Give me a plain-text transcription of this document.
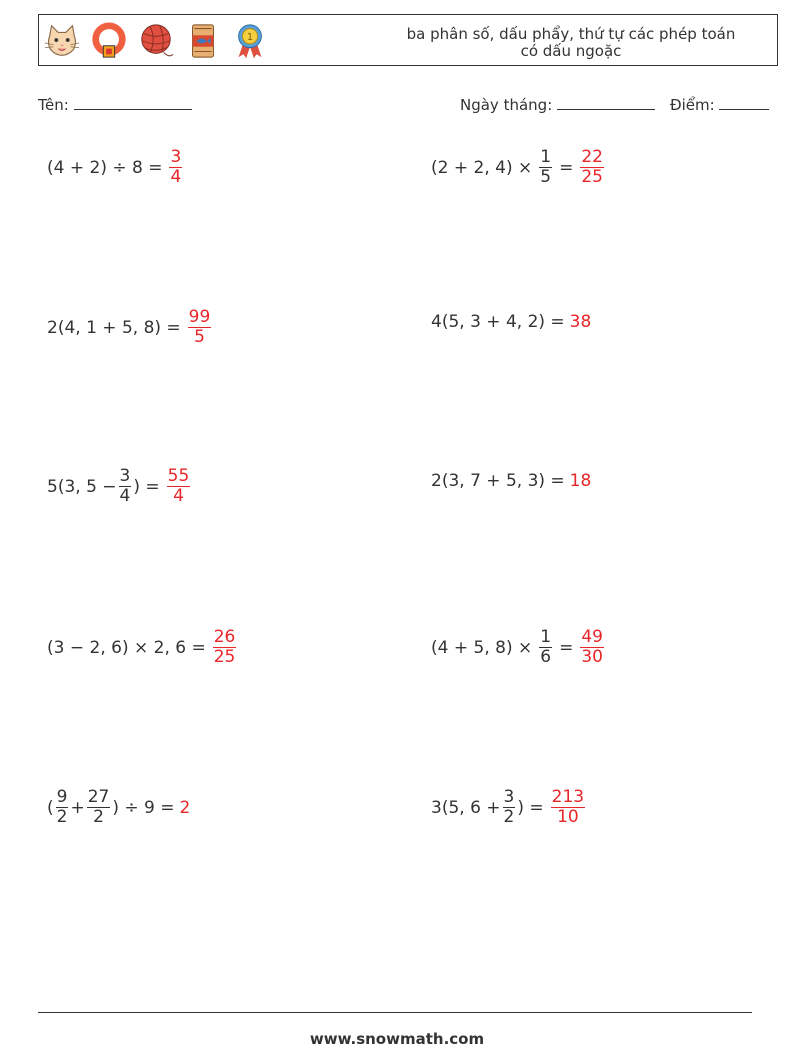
1	ba phân số, dấu phẩy, thứ tự các phép toán
có dấu ngoặc
Tên:	Ngày tháng:	Điểm:
$(4 + 2) \div 8 = \frac{3}{4}$	(2 + 2, $4) \times \frac{1}{5} = \frac{22}{25}$
2(4, 1 + 5, $8) = \frac{99}{5}$	4(5, 3 + 4, 2) = 38
5(3, $5 - \frac{3}{4}$ ) = $\frac{55}{4}$	2(3, 7 + 5, 3) = 18
(3 − 2, 6) × 2, $6 = \frac{26}{25}$	(4 + 5, $8) \times \frac{1}{6} = \frac{49}{30}$
( $\frac{9}{2} + \frac{27}{2}$ ) ÷ 9 = 2	3(5, $6 + \frac{3}{2}$ ) = $\frac{213}{10}$
www.snowmath.com
